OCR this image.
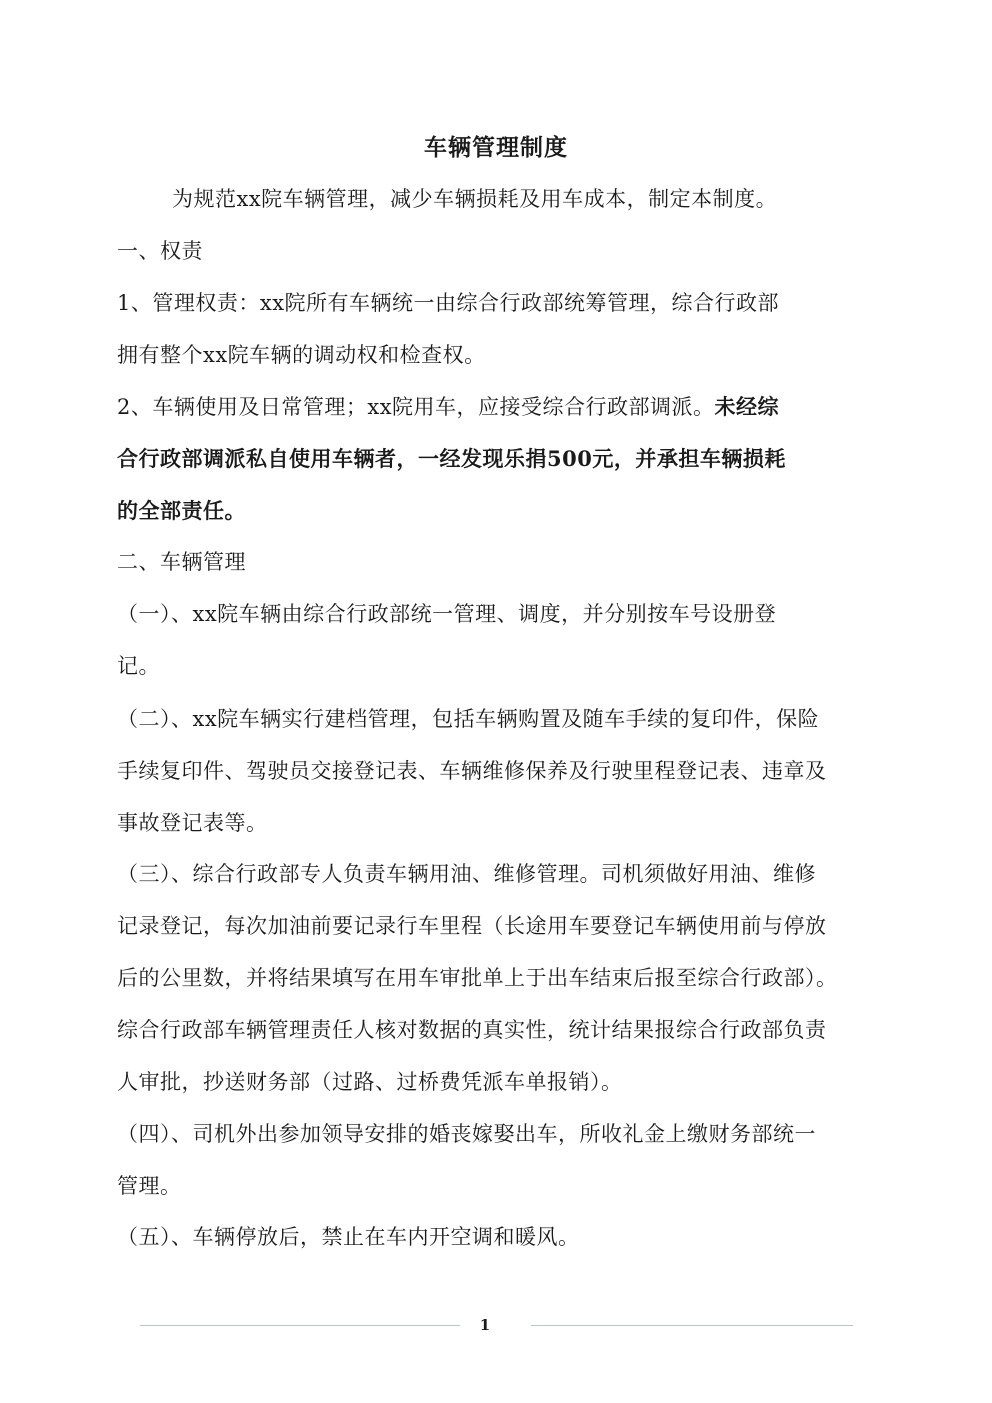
车辆管理制度
为规范xx院车辆管理，减少车辆损耗及用车成本，制定本制度。
一、权责
1、管理权责：xx院所有车辆统一由综合行政部统筹管理，综合行政部
拥有整个xx院车辆的调动权和检查权。
2、车辆使用及日常管理；xx院用车，应接受综合行政部调派。未经综
合行政部调派私自使用车辆者，一经发现乐捐500元，并承担车辆损耗
的全部责任。
二、车辆管理
（一）、xx院车辆由综合行政部统一管理、调度，并分别按车号设册登
记。
（二）、xx院车辆实行建档管理，包括车辆购置及随车手续的复印件，保险
手续复印件、驾驶员交接登记表、车辆维修保养及行驶里程登记表、违章及
事故登记表等。
（三）、综合行政部专人负责车辆用油、维修管理。司机须做好用油、维修
记录登记，每次加油前要记录行车里程（长途用车要登记车辆使用前与停放
后的公里数，并将结果填写在用车审批单上于出车结束后报至综合行政部）。
综合行政部车辆管理责任人核对数据的真实性，统计结果报综合行政部负责
人审批，抄送财务部（过路、过桥费凭派车单报销）。
（四）、司机外出参加领导安排的婚丧嫁娶出车，所收礼金上缴财务部统一
管理。
（五）、车辆停放后，禁止在车内开空调和暖风。
1
